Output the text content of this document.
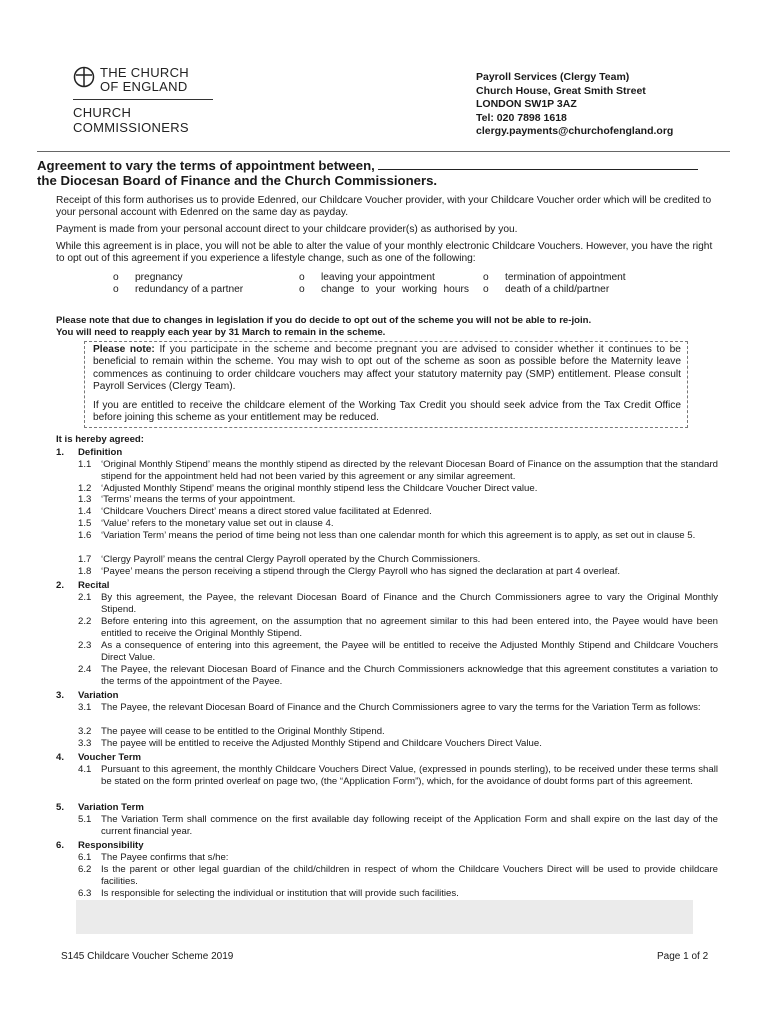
THE CHURCH
OF ENGLAND
CHURCH
COMMISSIONERS
Payroll Services (Clergy Team)
Church House, Great Smith Street
LONDON SW1P 3AZ
Tel: 020 7898 1618
clergy.payments@churchofengland.org
Agreement to vary the terms of appointment between,
the Diocesan Board of Finance and the Church Commissioners.
Receipt of this form authorises us to provide Edenred, our Childcare Voucher provider, with your Childcare Voucher order which will be credited to your personal account with Edenred on the same day as payday.
Payment is made from your personal account direct to your childcare provider(s) as authorised by you.
While this agreement is in place, you will not be able to alter the value of your monthly electronic Childcare Vouchers. However, you have the right to opt out of this agreement if you experience a lifestyle change, such as one of the following:
o	pregnancy
o	redundancy of a partner
o	leaving your appointment
o	change to your working hours
o	termination of appointment
o	death of a child/partner
Please note that due to changes in legislation if you do decide to opt out of the scheme you will not be able to re-join.
You will need to reapply each year by 31 March to remain in the scheme.
Please note: If you participate in the scheme and become pregnant you are advised to consider whether it continues to be beneficial to remain within the scheme. You may wish to opt out of the scheme as soon as possible before the Maternity leave commences as continuing to order childcare vouchers may affect your statutory maternity pay (SMP) entitlement. Please consult Payroll Services (Clergy Team).
If you are entitled to receive the childcare element of the Working Tax Credit you should seek advice from the Tax Credit Office before joining this scheme as your entitlement may be reduced.
It is hereby agreed:
1. Definition
1.1 ‘Original Monthly Stipend’ means the monthly stipend as directed by the relevant Diocesan Board of Finance on the assumption that the standard stipend for the appointment held had not been varied by this agreement or any similar agreement.
1.2 ‘Adjusted Monthly Stipend’ means the original monthly stipend less the Childcare Voucher Direct value.
1.3 ‘Terms’ means the terms of your appointment.
1.4 ‘Childcare Vouchers Direct’ means a direct stored value facilitated at Edenred.
1.5 ‘Value’ refers to the monetary value set out in clause 4.
1.6 ‘Variation Term’ means the period of time being not less than one calendar month for which this agreement is to apply, as set out in clause 5.
1.7 ‘Clergy Payroll’ means the central Clergy Payroll operated by the Church Commissioners.
1.8 ‘Payee’ means the person receiving a stipend through the Clergy Payroll who has signed the declaration at part 4 overleaf.
2. Recital
2.1 By this agreement, the Payee, the relevant Diocesan Board of Finance and the Church Commissioners agree to vary the Original Monthly Stipend.
2.2 Before entering into this agreement, on the assumption that no agreement similar to this had been entered into, the Payee would have been entitled to receive the Original Monthly Stipend.
2.3 As a consequence of entering into this agreement, the Payee will be entitled to receive the Adjusted Monthly Stipend and Childcare Vouchers Direct Value.
2.4 The Payee, the relevant Diocesan Board of Finance and the Church Commissioners acknowledge that this agreement constitutes a variation to the terms of the appointment of the Payee.
3. Variation
3.1 The Payee, the relevant Diocesan Board of Finance and the Church Commissioners agree to vary the terms for the Variation Term as follows:
3.2 The payee will cease to be entitled to the Original Monthly Stipend.
3.3 The payee will be entitled to receive the Adjusted Monthly Stipend and Childcare Vouchers Direct Value.
4. Voucher Term
4.1 Pursuant to this agreement, the monthly Childcare Vouchers Direct Value, (expressed in pounds sterling), to be received under these terms shall be stated on the form printed overleaf on page two, (the “Application Form”), which, for the avoidance of doubt forms part of this agreement.
5. Variation Term
5.1 The Variation Term shall commence on the first available day following receipt of the Application Form and shall expire on the last day of the current financial year.
6. Responsibility
6.1 The Payee confirms that s/he:
6.2 Is the parent or other legal guardian of the child/children in respect of whom the Childcare Vouchers Direct will be used to provide childcare facilities.
6.3 Is responsible for selecting the individual or institution that will provide such facilities.
S145 Childcare Voucher Scheme 2019	Page 1 of 2
